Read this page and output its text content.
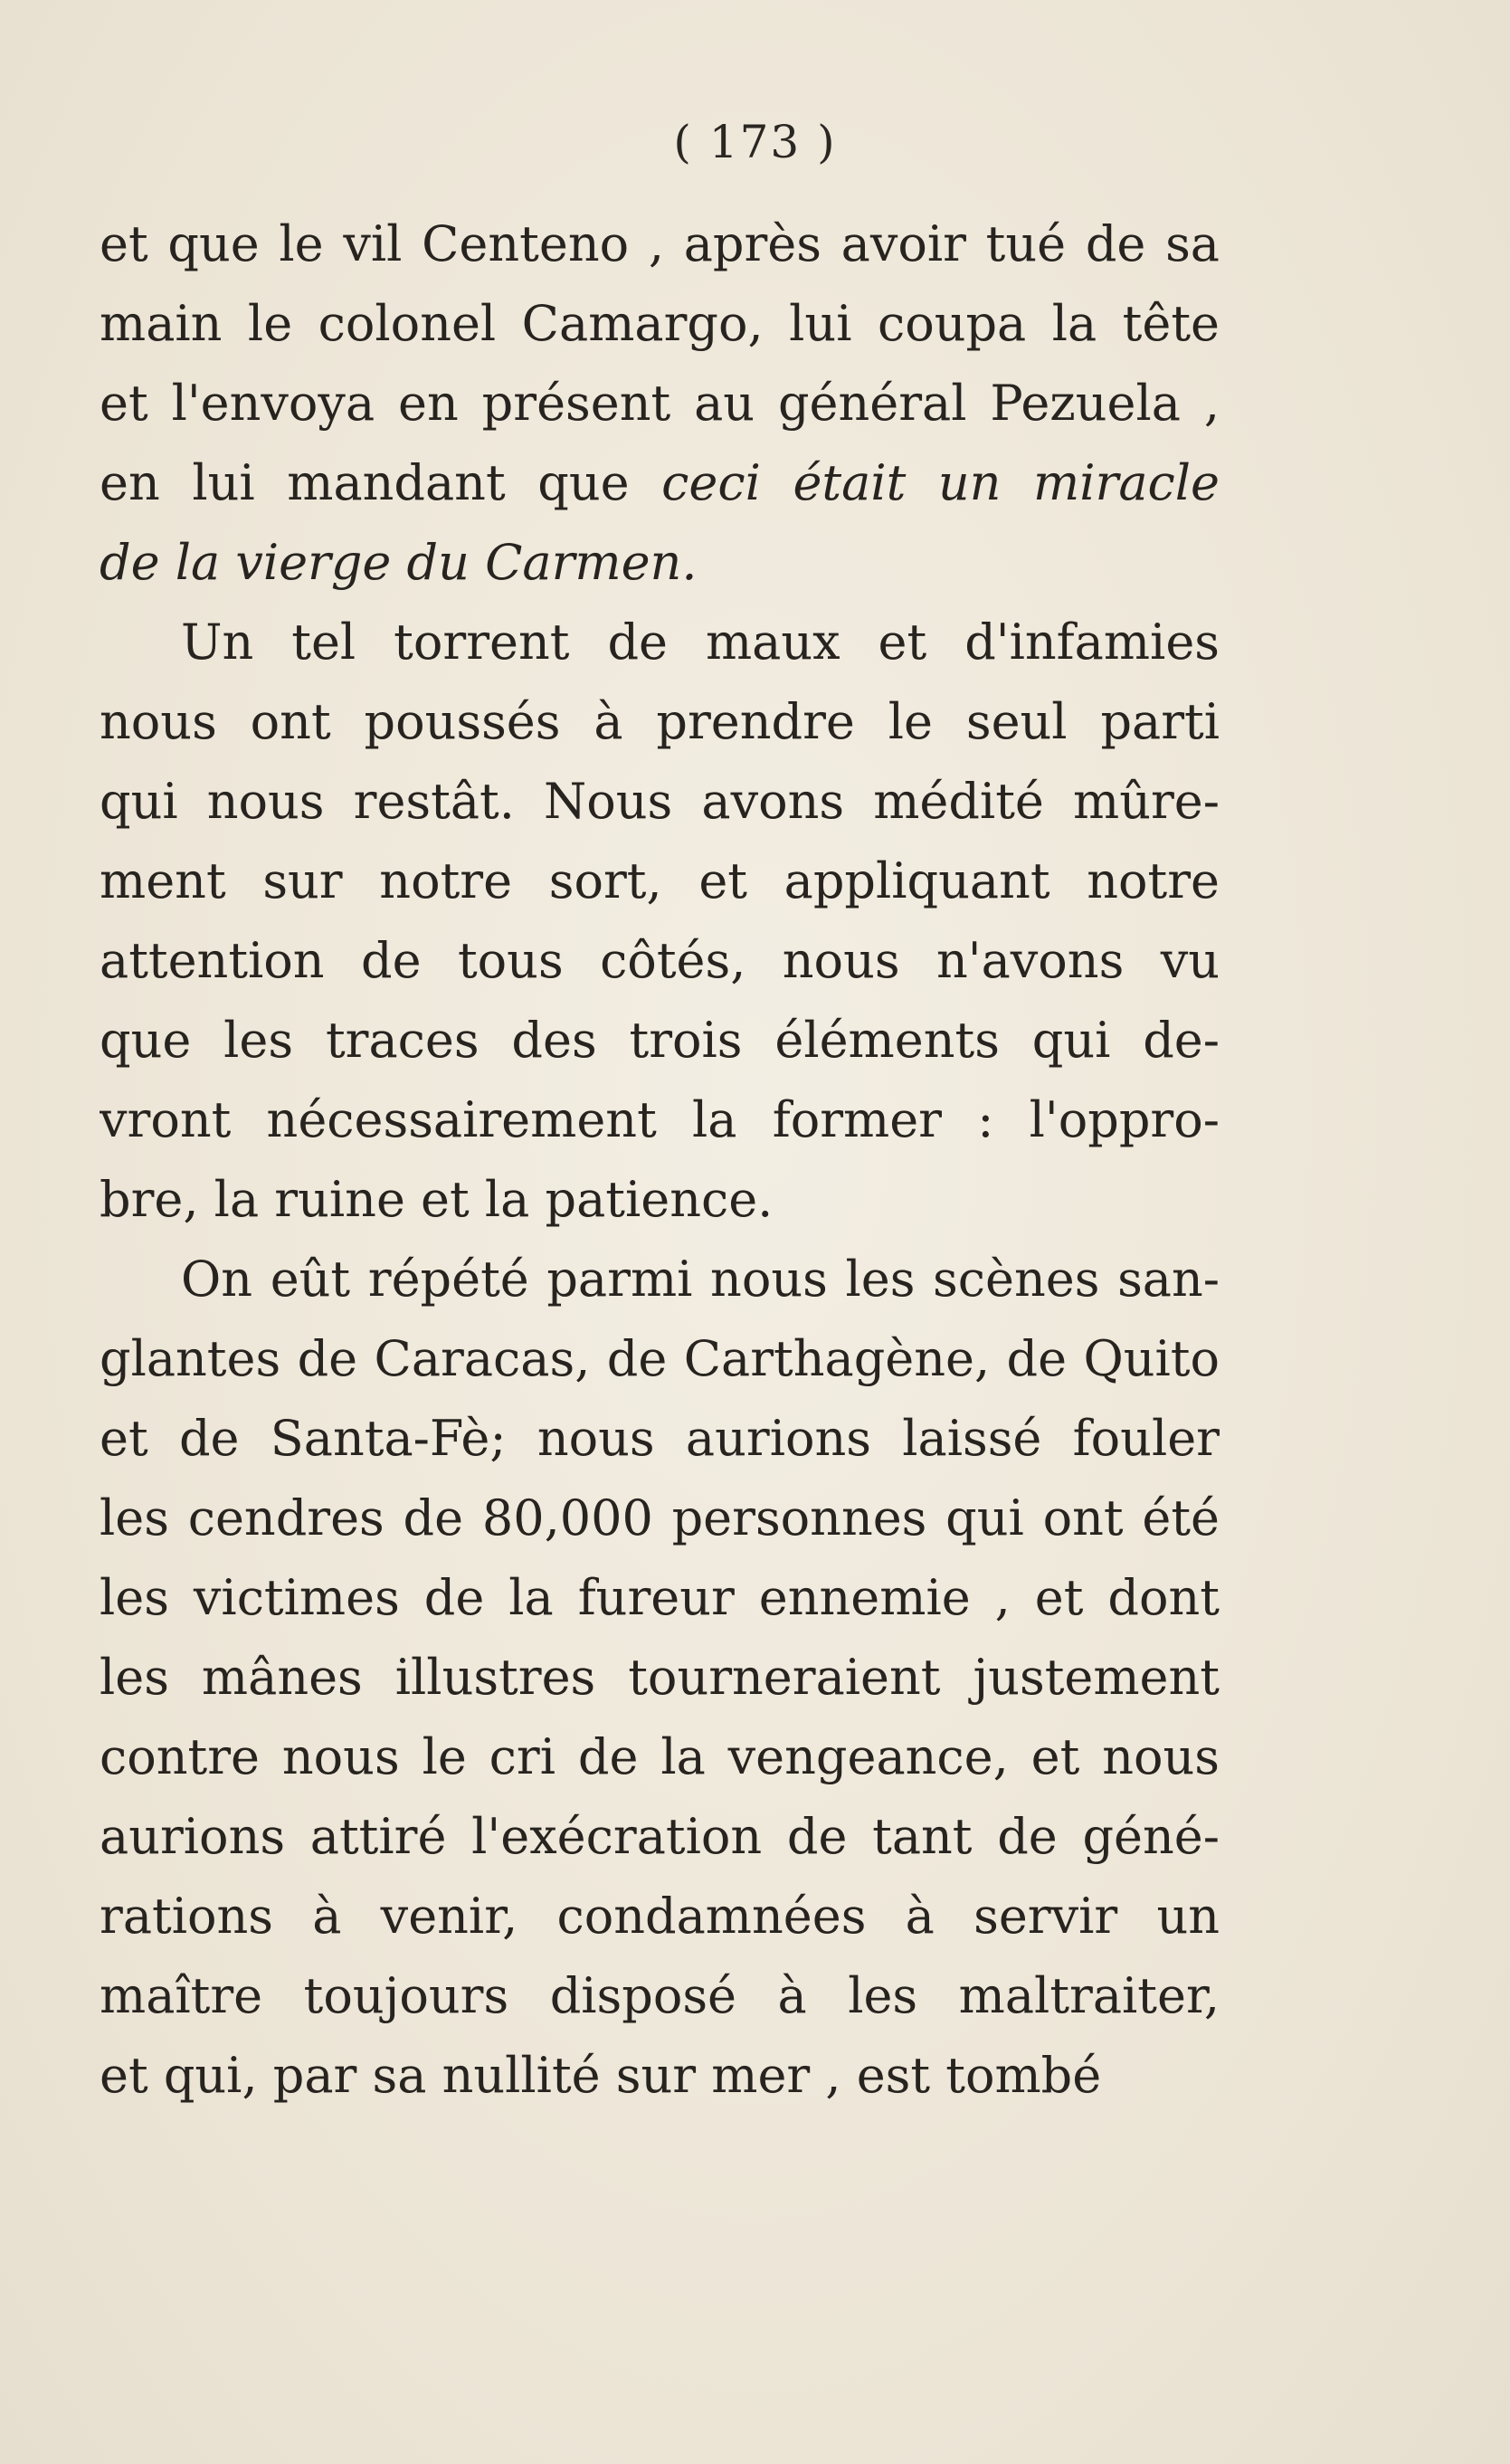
( 173 )
et que le vil Centeno , après avoir tué de sa
main le colonel Camargo, lui coupa la tête
et l'envoya en présent au général Pezuela ,
en lui mandant que ceci était un miracle
de la vierge du Carmen.
Un tel torrent de maux et d'infamies
nous ont poussés à prendre le seul parti
qui nous restât. Nous avons médité mûre-
ment sur notre sort, et appliquant notre
attention de tous côtés, nous n'avons vu
que les traces des trois éléments qui de-
vront nécessairement la former : l'oppro-
bre, la ruine et la patience.
On eût répété parmi nous les scènes san-
glantes de Caracas, de Carthagène, de Quito
et de Santa-Fè; nous aurions laissé fouler
les cendres de 80,000 personnes qui ont été
les victimes de la fureur ennemie , et dont
les mânes illustres tourneraient justement
contre nous le cri de la vengeance, et nous
aurions attiré l'exécration de tant de géné-
rations à venir, condamnées à servir un
maître toujours disposé à les maltraiter,
et qui, par sa nullité sur mer , est tombé
